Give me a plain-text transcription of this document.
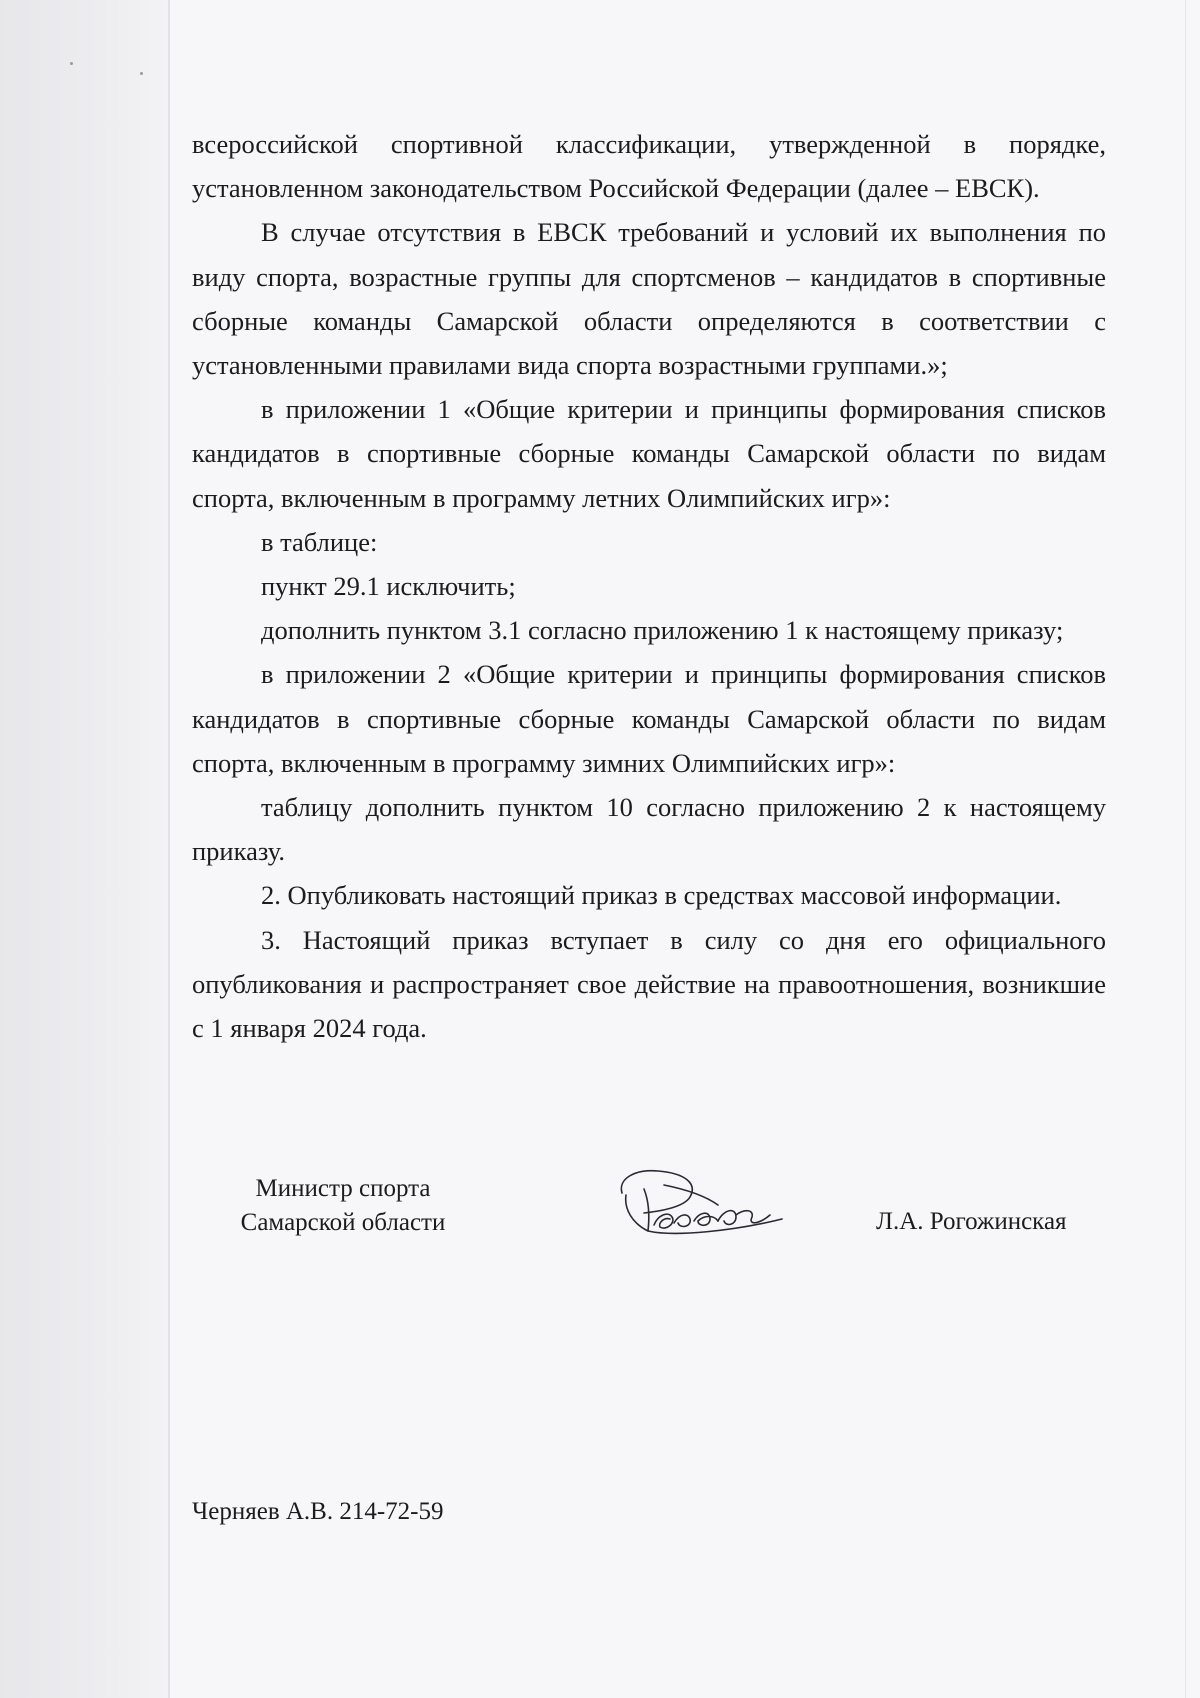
всероссийской спортивной классификации, утвержденной в порядке, установленном законодательством Российской Федерации (далее – ЕВСК).

В случае отсутствия в ЕВСК требований и условий их выполнения по виду спорта, возрастные группы для спортсменов – кандидатов в спортивные сборные команды Самарской области определяются в соответствии с установленными правилами вида спорта возрастными группами.»;

в приложении 1 «Общие критерии и принципы формирования списков кандидатов в спортивные сборные команды Самарской области по видам спорта, включенным в программу летних Олимпийских игр»:

в таблице:

пункт 29.1 исключить;

дополнить пунктом 3.1 согласно приложению 1 к настоящему приказу;

в приложении 2 «Общие критерии и принципы формирования списков кандидатов в спортивные сборные команды Самарской области по видам спорта, включенным в программу зимних Олимпийских игр»:

таблицу дополнить пунктом 10 согласно приложению 2 к настоящему приказу.

2. Опубликовать настоящий приказ в средствах массовой информации.

3. Настоящий приказ вступает в силу со дня его официального опубликования и распространяет свое действие на правоотношения, возникшие с 1 января 2024 года.

Министр спорта
Самарской области	Л.А. Рогожинская
Черняев А.В. 214-72-59
